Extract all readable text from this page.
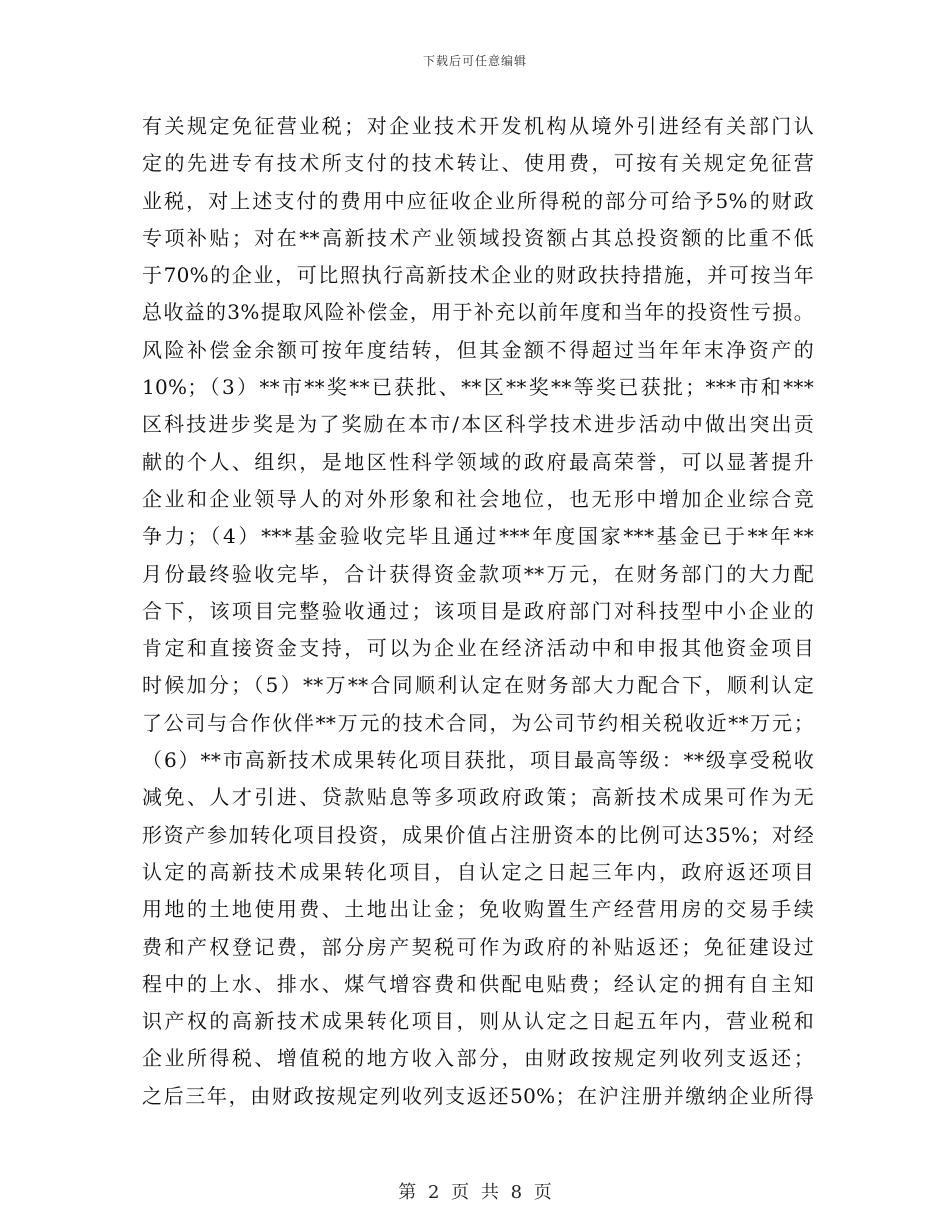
下载后可任意编辑
有关规定免征营业税；对企业技术开发机构从境外引进经有关部门认
定的先进专有技术所支付的技术转让、使用费，可按有关规定免征营
业税，对上述支付的费用中应征收企业所得税的部分可给予5%的财政
专项补贴；对在**高新技术产业领域投资额占其总投资额的比重不低
于70%的企业，可比照执行高新技术企业的财政扶持措施，并可按当年
总收益的3%提取风险补偿金，用于补充以前年度和当年的投资性亏损。
风险补偿金余额可按年度结转，但其金额不得超过当年年末净资产的
10%；（3）**市**奖**已获批、**区**奖**等奖已获批；***市和***
区科技进步奖是为了奖励在本市/本区科学技术进步活动中做出突出贡
献的个人、组织，是地区性科学领域的政府最高荣誉，可以显著提升
企业和企业领导人的对外形象和社会地位，也无形中增加企业综合竞
争力；（4）***基金验收完毕且通过***年度国家***基金已于**年**
月份最终验收完毕，合计获得资金款项**万元，在财务部门的大力配
合下，该项目完整验收通过；该项目是政府部门对科技型中小企业的
肯定和直接资金支持，可以为企业在经济活动中和申报其他资金项目
时候加分；（5）**万**合同顺利认定在财务部大力配合下，顺利认定
了公司与合作伙伴**万元的技术合同，为公司节约相关税收近**万元；
（6）**市高新技术成果转化项目获批，项目最高等级：**级享受税收
减免、人才引进、贷款贴息等多项政府政策；高新技术成果可作为无
形资产参加转化项目投资，成果价值占注册资本的比例可达35%；对经
认定的高新技术成果转化项目，自认定之日起三年内，政府返还项目
用地的土地使用费、土地出让金；免收购置生产经营用房的交易手续
费和产权登记费，部分房产契税可作为政府的补贴返还；免征建设过
程中的上水、排水、煤气增容费和供配电贴费；经认定的拥有自主知
识产权的高新技术成果转化项目，则从认定之日起五年内，营业税和
企业所得税、增值税的地方收入部分，由财政按规定列收列支返还；
之后三年，由财政按规定列收列支返还50%；在沪注册并缴纳企业所得
第 2 页 共 8 页
